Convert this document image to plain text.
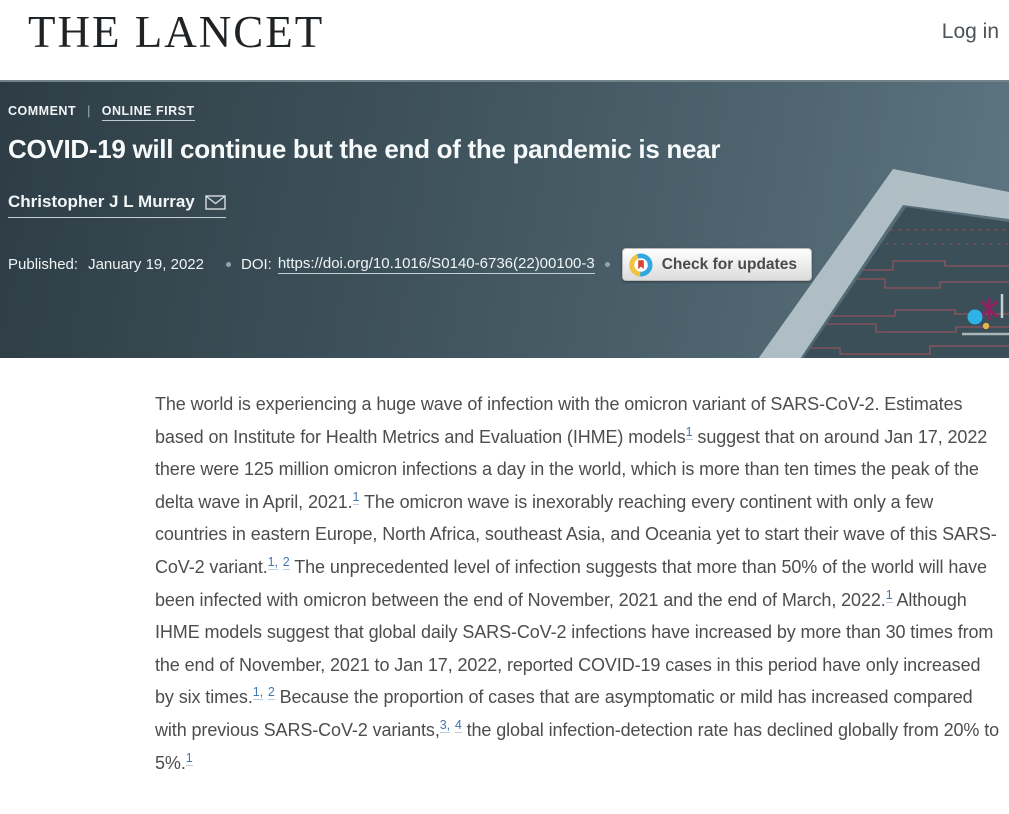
THE LANCET	Log in
COMMENT | ONLINE FIRST
COVID-19 will continue but the end of the pandemic is near
Christopher J L Murray
Published: January 19, 2022 DOI: https://doi.org/10.1016/S0140-6736(22)00100-3	Check for updates

The world is experiencing a huge wave of infection with the omicron variant of SARS-CoV-2. Estimates based on Institute for Health Metrics and Evaluation (IHME) models$^1$ suggest that on around Jan 17, 2022 there were 125 million omicron infections a day in the world, which is more than ten times the peak of the delta wave in April, 2021.$^1$ The omicron wave is inexorably reaching every continent with only a few countries in eastern Europe, North Africa, southeast Asia, and Oceania yet to start their wave of this SARS-CoV-2 variant.$^{1,}$ $^2$ The unprecedented level of infection suggests that more than 50% of the world will have been infected with omicron between the end of November, 2021 and the end of March, 2022.$^1$ Although IHME models suggest that global daily SARS-CoV-2 infections have increased by more than 30 times from the end of November, 2021 to Jan 17, 2022, reported COVID-19 cases in this period have only increased by six times.$^{1,}$ $^2$ Because the proportion of cases that are asymptomatic or mild has increased compared with previous SARS-CoV-2 variants,$^{3,}$ $^4$ the global infection-detection rate has declined globally from 20% to 5%.$^1$
